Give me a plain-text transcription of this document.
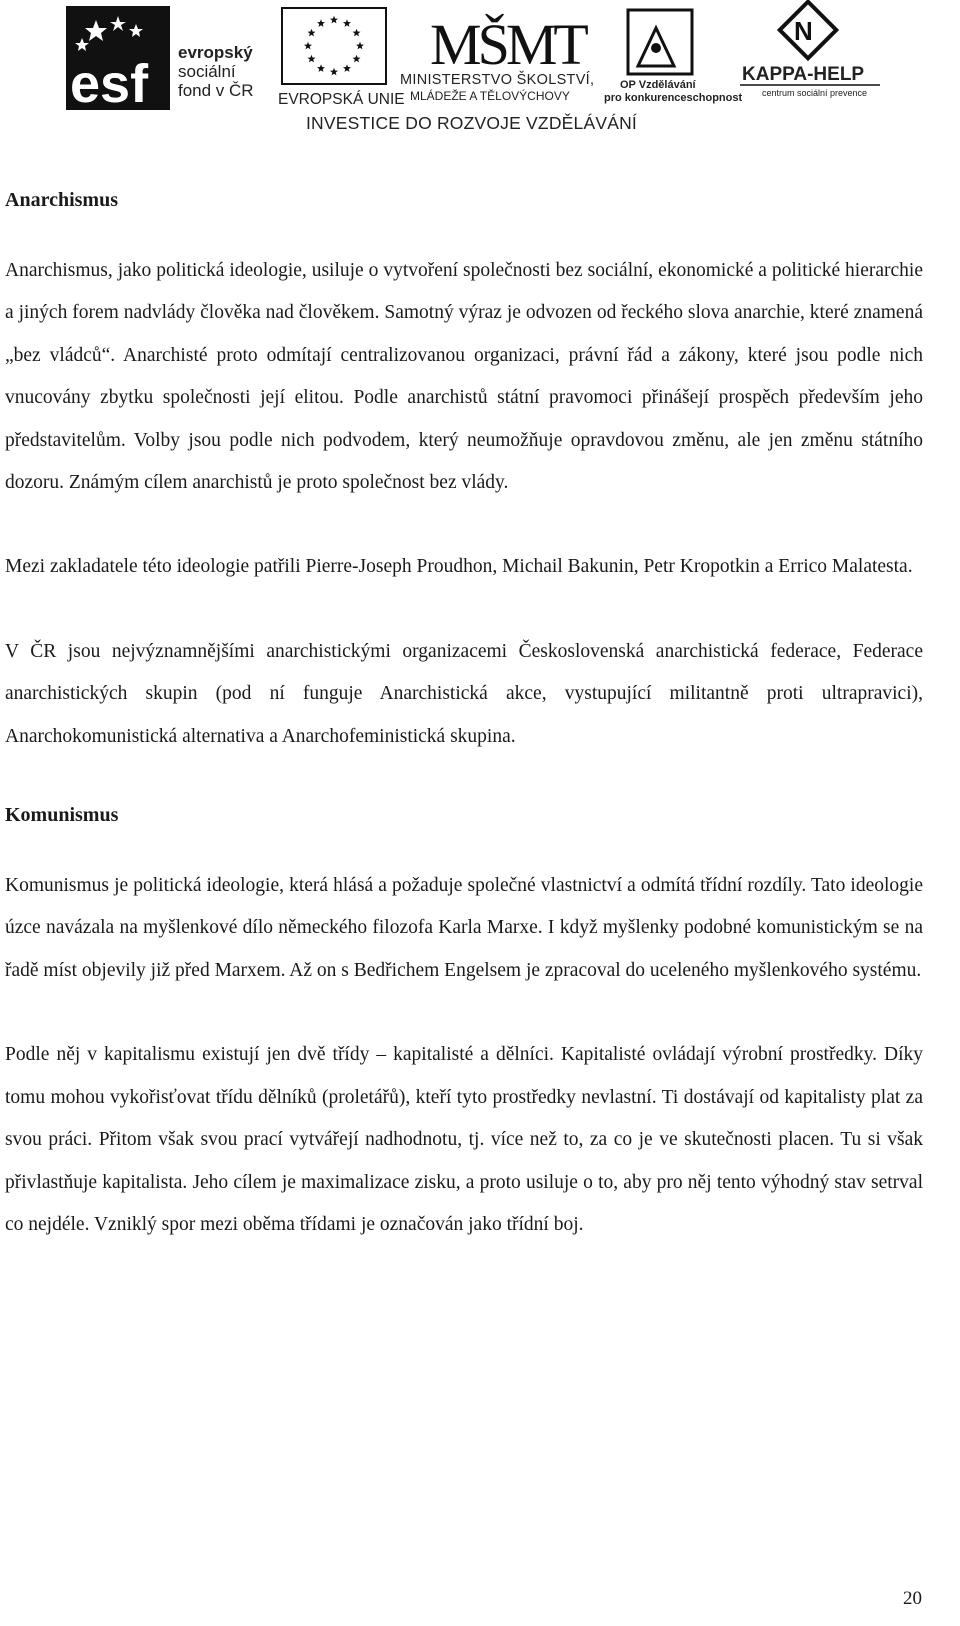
esf
evropský
sociální
fond v ČR EVROPSKÁ UNIE
MŠMT
MINISTERSTVO ŠKOLSTVÍ,
MLÁDEŽE A TĚLOVÝCHOVY
OP Vzdělávání
pro konkurenceschopnost
N
KAPPA-HELP
centrum sociální prevence
INVESTICE DO ROZVOJE VZDĚLÁVÁNÍ
Anarchismus

Anarchismus, jako politická ideologie, usiluje o vytvoření společnosti bez sociální, ekonomické a politické hierarchie a jiných forem nadvlády člověka nad člověkem. Samotný výraz je odvozen od řeckého slova anarchie, které znamená „bez vládců“. Anarchisté proto odmítají centralizovanou organizaci, právní řád a zákony, které jsou podle nich vnucovány zbytku společnosti její elitou. Podle anarchistů státní pravomoci přinášejí prospěch především jeho představitelům. Volby jsou podle nich podvodem, který neumožňuje opravdovou změnu, ale jen změnu státního dozoru. Známým cílem anarchistů je proto společnost bez vlády.

Mezi zakladatele této ideologie patřili Pierre-Joseph Proudhon, Michail Bakunin, Petr Kropotkin a Errico Malatesta.

V ČR jsou nejvýznamnějšími anarchistickými organizacemi Československá anarchistická federace, Federace anarchistických skupin (pod ní funguje Anarchistická akce, vystupující militantně proti ultrapravici), Anarchokomunistická alternativa a Anarchofeministická skupina.

Komunismus

Komunismus je politická ideologie, která hlásá a požaduje společné vlastnictví a odmítá třídní rozdíly. Tato ideologie úzce navázala na myšlenkové dílo německého filozofa Karla Marxe. I když myšlenky podobné komunistickým se na řadě míst objevily již před Marxem. Až on s Bedřichem Engelsem je zpracoval do uceleného myšlenkového systému.

Podle něj v kapitalismu existují jen dvě třídy – kapitalisté a dělníci. Kapitalisté ovládají výrobní prostředky. Díky tomu mohou vykořisťovat třídu dělníků (proletářů), kteří tyto prostředky nevlastní. Ti dostávají od kapitalisty plat za svou práci. Přitom však svou prací vytvářejí nadhodnotu, tj. více než to, za co je ve skutečnosti placen. Tu si však přivlastňuje kapitalista. Jeho cílem je maximalizace zisku, a proto usiluje o to, aby pro něj tento výhodný stav setrval co nejdéle. Vzniklý spor mezi oběma třídami je označován jako třídní boj.

20
